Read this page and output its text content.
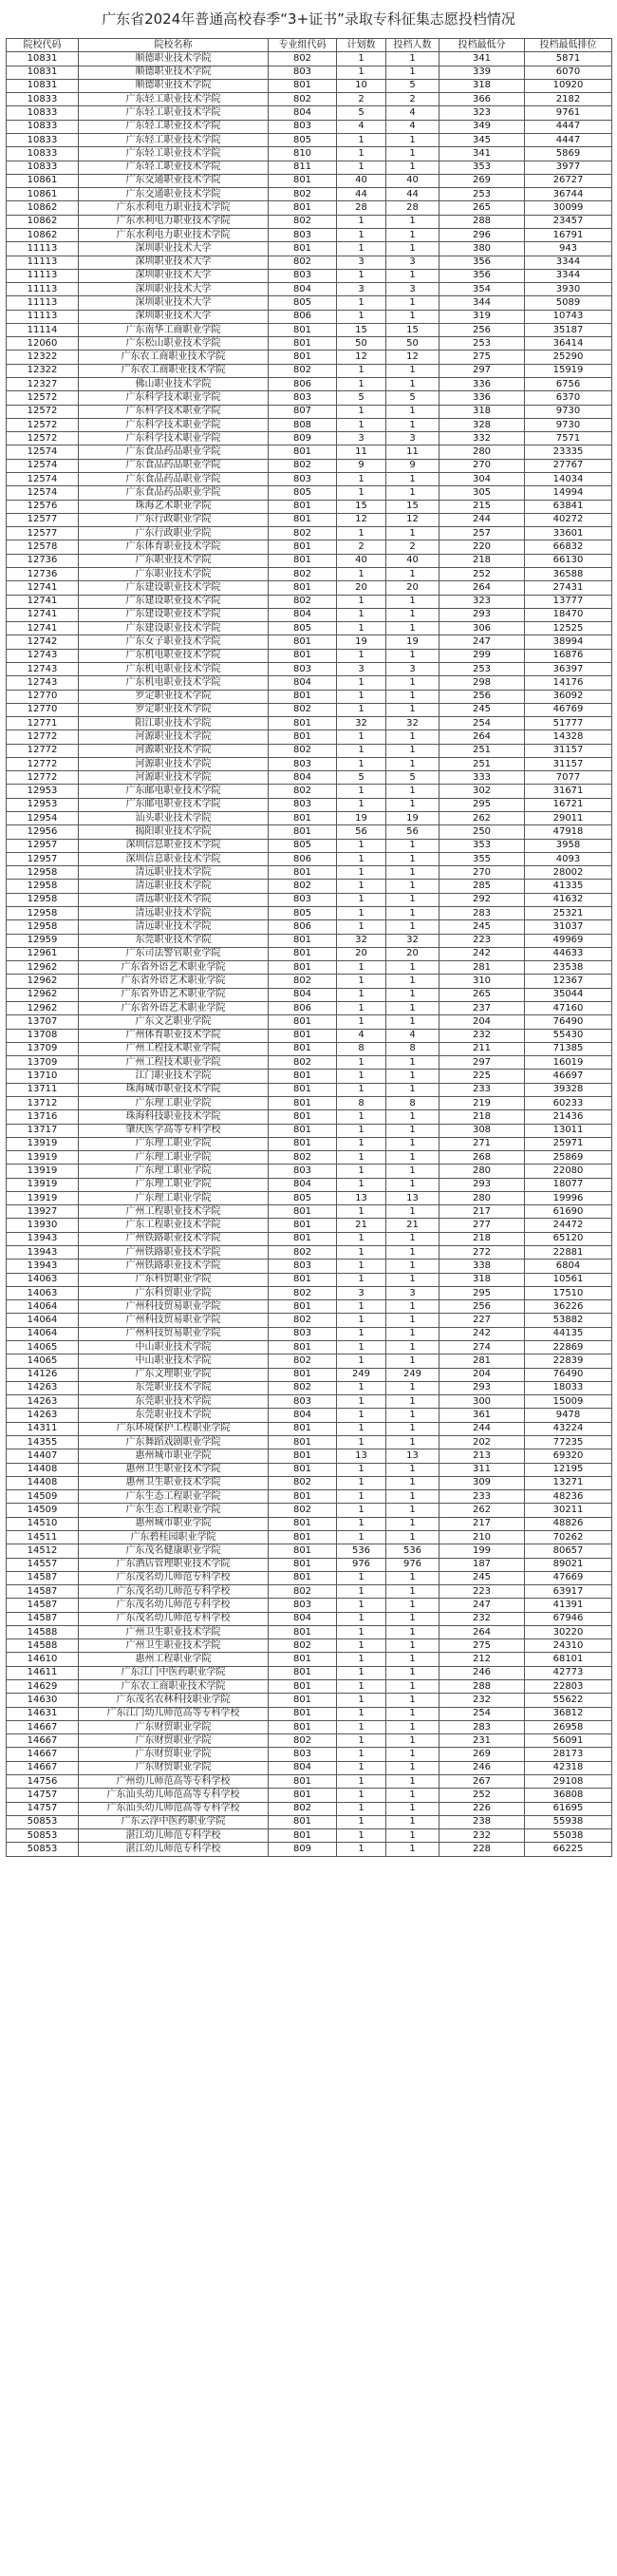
广东省2024年普通高校春季“3+证书”录取专科征集志愿投档情况
院校代码	院校名称	专业组代码	计划数	投档人数	投档最低分	投档最低排位
10831	顺德职业技术学院	802	1	1	341	5871
10831	顺德职业技术学院	803	1	1	339	6070
10831	顺德职业技术学院	801	10	5	318	10920
10833	广东轻工职业技术学院	802	2	2	366	2182
10833	广东轻工职业技术学院	804	5	4	323	9761
10833	广东轻工职业技术学院	803	4	4	349	4447
10833	广东轻工职业技术学院	805	1	1	345	4447
10833	广东轻工职业技术学院	810	1	1	341	5869
10833	广东轻工职业技术学院	811	1	1	353	3977
10861	广东交通职业技术学院	801	40	40	269	26727
10861	广东交通职业技术学院	802	44	44	253	36744
10862	广东水利电力职业技术学院	801	28	28	265	30099
10862	广东水利电力职业技术学院	802	1	1	288	23457
10862	广东水利电力职业技术学院	803	1	1	296	16791
11113	深圳职业技术大学	801	1	1	380	943
11113	深圳职业技术大学	802	3	3	356	3344
11113	深圳职业技术大学	803	1	1	356	3344
11113	深圳职业技术大学	804	3	3	354	3930
11113	深圳职业技术大学	805	1	1	344	5089
11113	深圳职业技术大学	806	1	1	319	10743
11114	广东南华工商职业学院	801	15	15	256	35187
12060	广东松山职业技术学院	801	50	50	253	36414
12322	广东农工商职业技术学院	801	12	12	275	25290
12322	广东农工商职业技术学院	802	1	1	297	15919
12327	佛山职业技术学院	806	1	1	336	6756
12572	广东科学技术职业学院	803	5	5	336	6370
12572	广东科学技术职业学院	807	1	1	318	9730
12572	广东科学技术职业学院	808	1	1	328	9730
12572	广东科学技术职业学院	809	3	3	332	7571
12574	广东食品药品职业学院	801	11	11	280	23335
12574	广东食品药品职业学院	802	9	9	270	27767
12574	广东食品药品职业学院	803	1	1	304	14034
12574	广东食品药品职业学院	805	1	1	305	14994
12576	珠海艺术职业学院	801	15	15	215	63841
12577	广东行政职业学院	801	12	12	244	40272
12577	广东行政职业学院	802	1	1	257	33601
12578	广东体育职业技术学院	801	2	2	220	66832
12736	广东职业技术学院	801	40	40	218	66130
12736	广东职业技术学院	802	1	1	252	36588
12741	广东建设职业技术学院	801	20	20	264	27431
12741	广东建设职业技术学院	802	1	1	323	13777
12741	广东建设职业技术学院	804	1	1	293	18470
12741	广东建设职业技术学院	805	1	1	306	12525
12742	广东女子职业技术学院	801	19	19	247	38994
12743	广东机电职业技术学院	801	1	1	299	16876
12743	广东机电职业技术学院	803	3	3	253	36397
12743	广东机电职业技术学院	804	1	1	298	14176
12770	罗定职业技术学院	801	1	1	256	36092
12770	罗定职业技术学院	802	1	1	245	46769
12771	阳江职业技术学院	801	32	32	254	51777
12772	河源职业技术学院	801	1	1	264	14328
12772	河源职业技术学院	802	1	1	251	31157
12772	河源职业技术学院	803	1	1	251	31157
12772	河源职业技术学院	804	5	5	333	7077
12953	广东邮电职业技术学院	802	1	1	302	31671
12953	广东邮电职业技术学院	803	1	1	295	16721
12954	汕头职业技术学院	801	19	19	262	29011
12956	揭阳职业技术学院	801	56	56	250	47918
12957	深圳信息职业技术学院	805	1	1	353	3958
12957	深圳信息职业技术学院	806	1	1	355	4093
12958	清远职业技术学院	801	1	1	270	28002
12958	清远职业技术学院	802	1	1	285	41335
12958	清远职业技术学院	803	1	1	292	41632
12958	清远职业技术学院	805	1	1	283	25321
12958	清远职业技术学院	806	1	1	245	31037
12959	东莞职业技术学院	801	32	32	223	49969
12961	广东司法警官职业学院	801	20	20	242	44633
12962	广东省外语艺术职业学院	801	1	1	281	23538
12962	广东省外语艺术职业学院	802	1	1	310	12367
12962	广东省外语艺术职业学院	804	1	1	265	35044
12962	广东省外语艺术职业学院	806	1	1	237	47160
13707	广东文艺职业学院	801	1	1	204	76490
13708	广州体育职业技术学院	801	4	4	232	55430
13709	广州工程技术职业学院	801	8	8	211	71385
13709	广州工程技术职业学院	802	1	1	297	16019
13710	江门职业技术学院	801	1	1	225	46697
13711	珠海城市职业技术学院	801	1	1	233	39328
13712	广东理工职业学院	801	8	8	219	60233
13716	珠海科技职业技术学院	801	1	1	218	21436
13717	肇庆医学高等专科学校	801	1	1	308	13011
13919	广东理工职业学院	801	1	1	271	25971
13919	广东理工职业学院	802	1	1	268	25869
13919	广东理工职业学院	803	1	1	280	22080
13919	广东理工职业学院	804	1	1	293	18077
13919	广东理工职业学院	805	13	13	280	19996
13927	广州工程职业技术学院	801	1	1	217	61690
13930	广东工程职业技术学院	801	21	21	277	24472
13943	广州铁路职业技术学院	801	1	1	218	65120
13943	广州铁路职业技术学院	802	1	1	272	22881
13943	广州铁路职业技术学院	803	1	1	338	6804
14063	广东科贸职业学院	801	1	1	318	10561
14063	广东科贸职业学院	802	3	3	295	17510
14064	广州科技贸易职业学院	801	1	1	256	36226
14064	广州科技贸易职业学院	802	1	1	227	53882
14064	广州科技贸易职业学院	803	1	1	242	44135
14065	中山职业技术学院	801	1	1	274	22869
14065	中山职业技术学院	802	1	1	281	22839
14126	广东文理职业学院	801	249	249	204	76490
14263	东莞职业技术学院	802	1	1	293	18033
14263	东莞职业技术学院	803	1	1	300	15009
14263	东莞职业技术学院	804	1	1	361	9478
14311	广东环境保护工程职业学院	801	1	1	244	43224
14355	广东舞蹈戏剧职业学院	801	1	1	202	77235
14407	惠州城市职业学院	801	13	13	213	69320
14408	惠州卫生职业技术学院	801	1	1	311	12195
14408	惠州卫生职业技术学院	802	1	1	309	13271
14509	广东生态工程职业学院	801	1	1	233	48236
14509	广东生态工程职业学院	802	1	1	262	30211
14510	惠州城市职业学院	801	1	1	217	48826
14511	广东碧桂园职业学院	801	1	1	210	70262
14512	广东茂名健康职业学院	801	536	536	199	80657
14557	广东酒店管理职业技术学院	801	976	976	187	89021
14587	广东茂名幼儿师范专科学校	801	1	1	245	47669
14587	广东茂名幼儿师范专科学校	802	1	1	223	63917
14587	广东茂名幼儿师范专科学校	803	1	1	247	41391
14587	广东茂名幼儿师范专科学校	804	1	1	232	67946
14588	广州卫生职业技术学院	801	1	1	264	30220
14588	广州卫生职业技术学院	802	1	1	275	24310
14610	惠州工程职业学院	801	1	1	212	68101
14611	广东江门中医药职业学院	801	1	1	246	42773
14629	广东农工商职业技术学院	801	1	1	288	22803
14630	广东茂名农林科技职业学院	801	1	1	232	55622
14631	广东江门幼儿师范高等专科学校	801	1	1	254	36812
14667	广东财贸职业学院	801	1	1	283	26958
14667	广东财贸职业学院	802	1	1	231	56091
14667	广东财贸职业学院	803	1	1	269	28173
14667	广东财贸职业学院	804	1	1	246	42318
14756	广州幼儿师范高等专科学校	801	1	1	267	29108
14757	广东汕头幼儿师范高等专科学校	801	1	1	252	36808
14757	广东汕头幼儿师范高等专科学校	802	1	1	226	61695
50853	广东云浮中医药职业学院	801	1	1	238	55938
50853	湛江幼儿师范专科学校	801	1	1	232	55038
50853	湛江幼儿师范专科学校	809	1	1	228	66225
